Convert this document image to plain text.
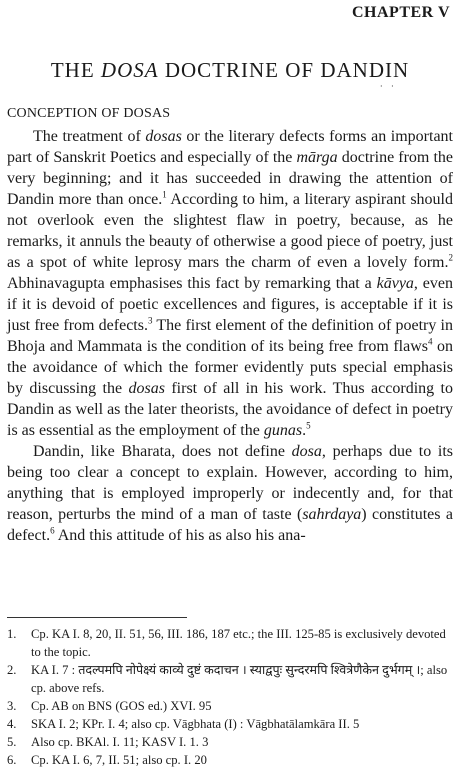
CHAPTER V
THE DOSA DOCTRINE OF DANDIN
· ·
CONCEPTION OF DOSAS

The treatment of dosas or the literary defects forms an important part of Sanskrit Poetics and especially of the mārga doctrine from the very beginning; and it has succeeded in drawing the attention of Dandin more than once.$^1$ According to him, a literary aspirant should not overlook even the slightest flaw in poetry, because, as he remarks, it annuls the beauty of otherwise a good piece of poetry, just as a spot of white leprosy mars the charm of even a lovely form.$^2$ Abhinavagupta emphasises this fact by remarking that a kāvya, even if it is devoid of poetic excellences and figures, is acceptable if it is just free from defects.$^3$ The first element of the definition of poetry in Bhoja and Mammata is the condition of its being free from flaws$^4$ on the avoidance of which the former evidently puts special emphasis by discussing the dosas first of all in his work. Thus according to Dandin as well as the later theorists, the avoidance of defect in poetry is as essential as the employment of the gunas.$^5$

Dandin, like Bharata, does not define dosa, perhaps due to its being too clear a concept to explain. However, according to him, anything that is employed improperly or indecently and, for that reason, perturbs the mind of a man of taste (sahrdaya) constitutes a defect.$^6$ And this attitude of his as also his ana-

1.	Cp. KA I. 8, 20, II. 51, 56, III. 186, 187 etc.; the III. 125-85 is exclusively devoted to the topic.
2.	KA I. 7 : तदल्पमपि नोपेक्ष्यं काव्ये दुष्टं कदाचन । स्याद्वपुः सुन्दरमपि श्वित्रेणैकेन दुर्भगम् ।; also cp. above refs.
3.	Cp. AB on BNS (GOS ed.) XVI. 95
4.	SKA I. 2; KPr. I. 4; also cp. Vāgbhata (I) : Vāgbhatālamkāra II. 5
5.	Also cp. BKAl. I. 11; KASV I. 1. 3
6.	Cp. KA I. 6, 7, II. 51; also cp. I. 20
